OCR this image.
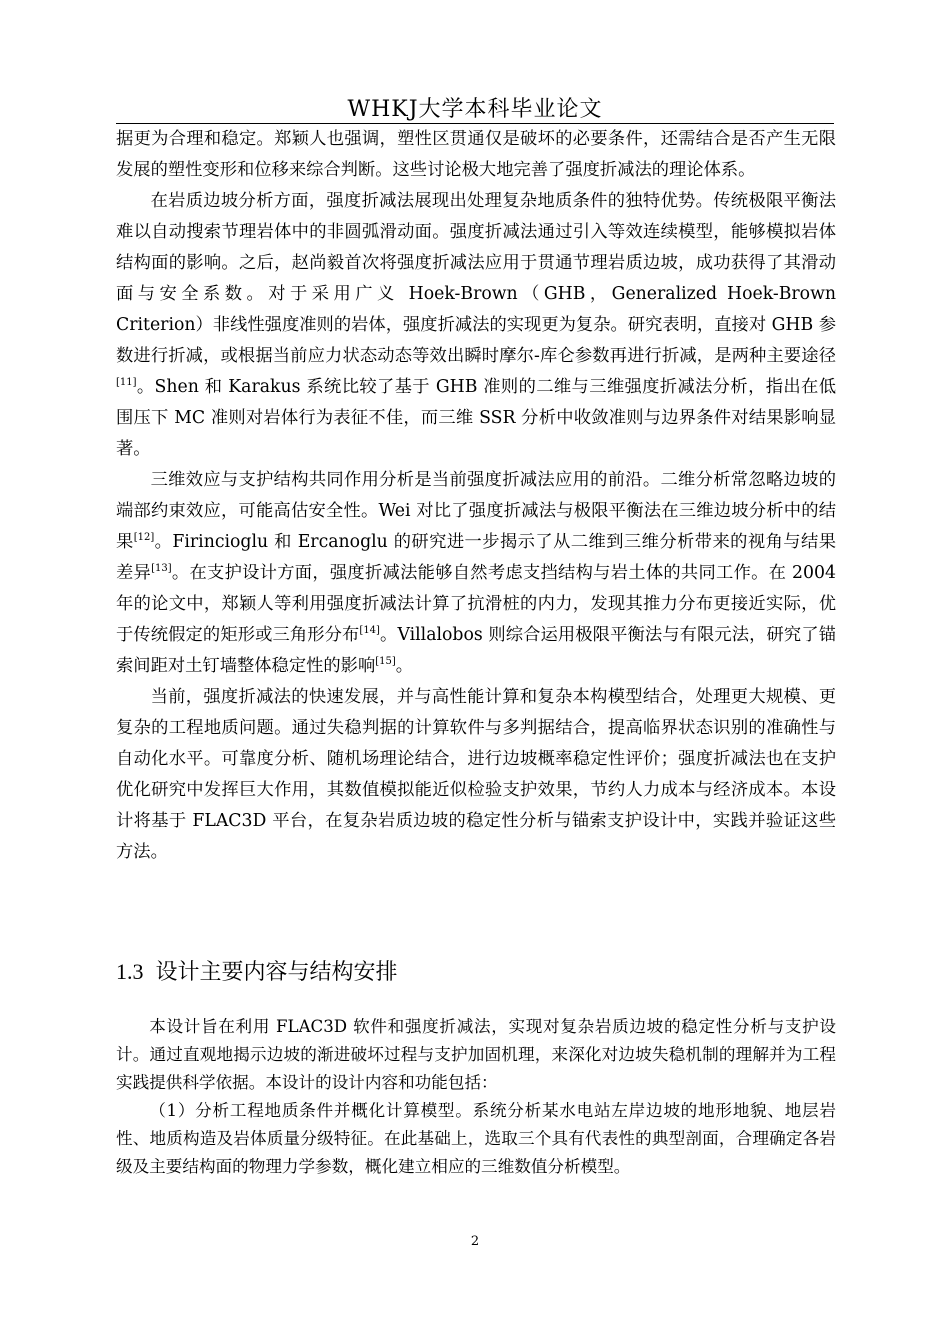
WHKJ大学本科毕业论文

据更为合理和稳定。郑颖人也强调，塑性区贯通仅是破坏的必要条件，还需结合是否产生无限发展的塑性变形和位移来综合判断。这些讨论极大地完善了强度折减法的理论体系。

在岩质边坡分析方面，强度折减法展现出处理复杂地质条件的独特优势。传统极限平衡法难以自动搜索节理岩体中的非圆弧滑动面。强度折减法通过引入等效连续模型，能够模拟岩体结构面的影响。之后，赵尚毅首次将强度折减法应用于贯通节理岩质边坡，成功获得了其滑动面与安全系数。对于采用广义 Hoek-Brown（GHB，Generalized Hoek-Brown Criterion）非线性强度准则的岩体，强度折减法的实现更为复杂。研究表明，直接对 GHB 参数进行折减，或根据当前应力状态动态等效出瞬时摩尔-库仑参数再进行折减，是两种主要途径[11]。Shen 和 Karakus 系统比较了基于 GHB 准则的二维与三维强度折减法分析，指出在低围压下 MC 准则对岩体行为表征不佳，而三维 SSR 分析中收敛准则与边界条件对结果影响显著。

三维效应与支护结构共同作用分析是当前强度折减法应用的前沿。二维分析常忽略边坡的端部约束效应，可能高估安全性。Wei 对比了强度折减法与极限平衡法在三维边坡分析中的结果[12]。Firincioglu 和 Ercanoglu 的研究进一步揭示了从二维到三维分析带来的视角与结果差异[13]。在支护设计方面，强度折减法能够自然考虑支挡结构与岩土体的共同工作。在 2004 年的论文中，郑颖人等利用强度折减法计算了抗滑桩的内力，发现其推力分布更接近实际，优于传统假定的矩形或三角形分布[14]。Villalobos 则综合运用极限平衡法与有限元法，研究了锚索间距对土钉墙整体稳定性的影响[15]。

当前，强度折减法的快速发展，并与高性能计算和复杂本构模型结合，处理更大规模、更复杂的工程地质问题。通过失稳判据的计算软件与多判据结合，提高临界状态识别的准确性与自动化水平。可靠度分析、随机场理论结合，进行边坡概率稳定性评价；强度折减法也在支护优化研究中发挥巨大作用，其数值模拟能近似检验支护效果，节约人力成本与经济成本。本设计将基于 FLAC3D 平台，在复杂岩质边坡的稳定性分析与锚索支护设计中，实践并验证这些方法。

1.3 设计主要内容与结构安排

本设计旨在利用 FLAC3D 软件和强度折减法，实现对复杂岩质边坡的稳定性分析与支护设计。通过直观地揭示边坡的渐进破坏过程与支护加固机理，来深化对边坡失稳机制的理解并为工程实践提供科学依据。本设计的设计内容和功能包括：

（1）分析工程地质条件并概化计算模型。系统分析某水电站左岸边坡的地形地貌、地层岩性、地质构造及岩体质量分级特征。在此基础上，选取三个具有代表性的典型剖面，合理确定各岩级及主要结构面的物理力学参数，概化建立相应的三维数值分析模型。

2
